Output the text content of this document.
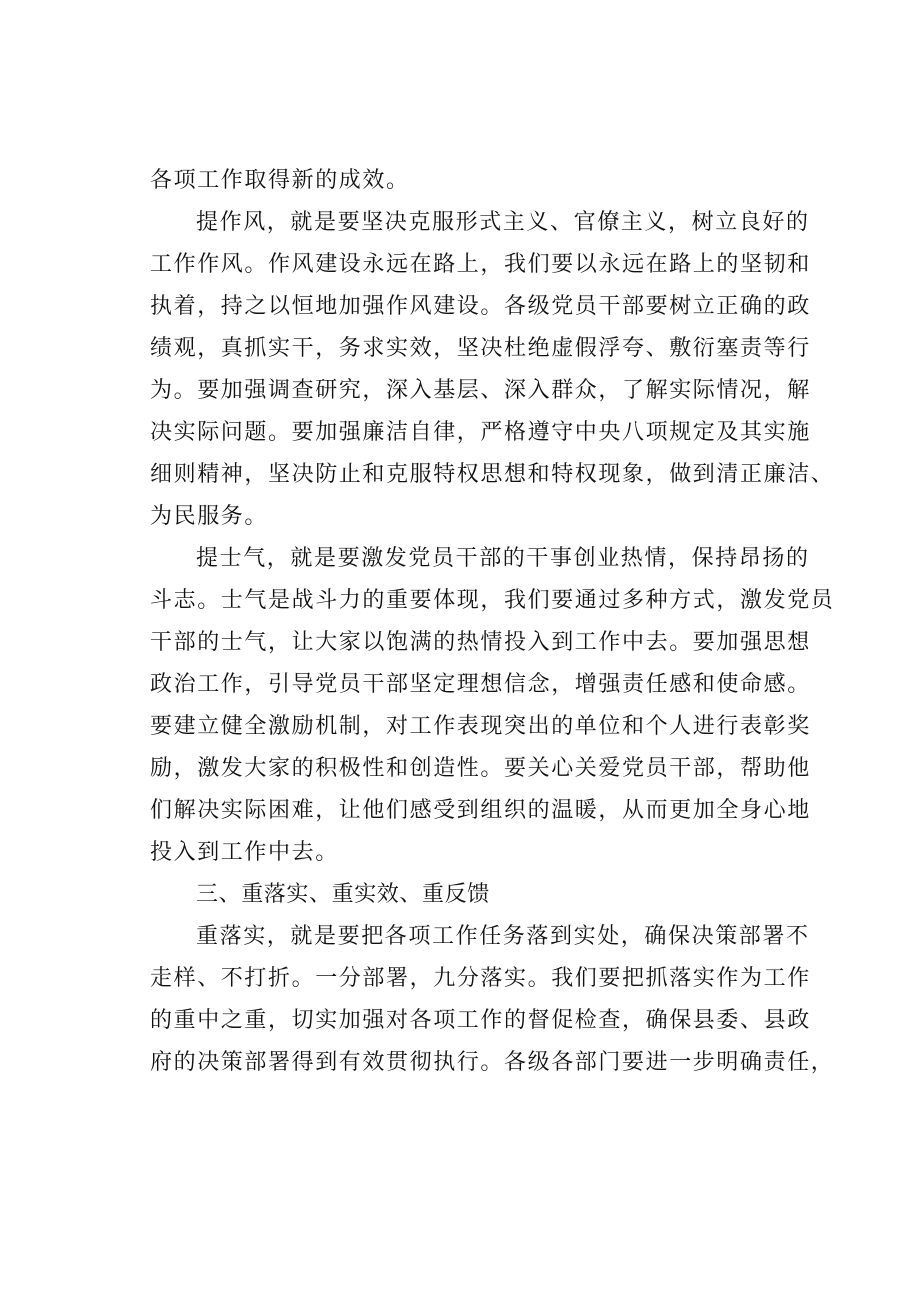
各项工作取得新的成效。
提作风，就是要坚决克服形式主义、官僚主义，树立良好的
工作作风。作风建设永远在路上，我们要以永远在路上的坚韧和
执着，持之以恒地加强作风建设。各级党员干部要树立正确的政
绩观，真抓实干，务求实效，坚决杜绝虚假浮夸、敷衍塞责等行
为。要加强调查研究，深入基层、深入群众，了解实际情况，解
决实际问题。要加强廉洁自律，严格遵守中央八项规定及其实施
细则精神，坚决防止和克服特权思想和特权现象，做到清正廉洁、
为民服务。
提士气，就是要激发党员干部的干事创业热情，保持昂扬的
斗志。士气是战斗力的重要体现，我们要通过多种方式，激发党员
干部的士气，让大家以饱满的热情投入到工作中去。要加强思想
政治工作，引导党员干部坚定理想信念，增强责任感和使命感。
要建立健全激励机制，对工作表现突出的单位和个人进行表彰奖
励，激发大家的积极性和创造性。要关心关爱党员干部，帮助他
们解决实际困难，让他们感受到组织的温暖，从而更加全身心地
投入到工作中去。
三、重落实、重实效、重反馈
重落实，就是要把各项工作任务落到实处，确保决策部署不
走样、不打折。一分部署，九分落实。我们要把抓落实作为工作
的重中之重，切实加强对各项工作的督促检查，确保县委、县政
府的决策部署得到有效贯彻执行。各级各部门要进一步明确责任，
